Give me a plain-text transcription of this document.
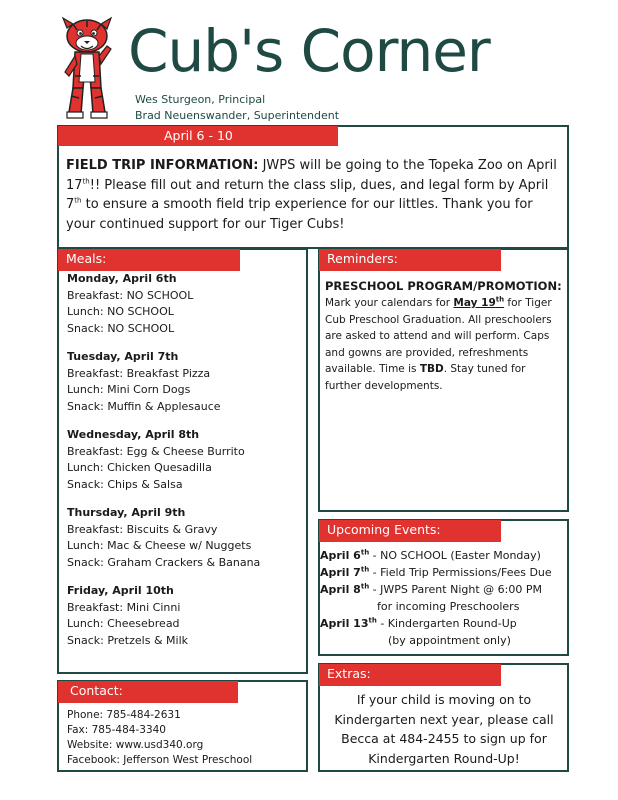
Cub's Corner
Wes Sturgeon, Principal
Brad Neuenswander, Superintendent
April 6 - 10
FIELD TRIP INFORMATION: JWPS will be going to the Topeka Zoo on April 17th!! Please fill out and return the class slip, dues, and legal form by April 7th to ensure a smooth field trip experience for our littles. Thank you for your continued support for our Tiger Cubs!
Meals:
Monday, April 6th
Breakfast: NO SCHOOL
Lunch: NO SCHOOL
Snack: NO SCHOOL
Tuesday, April 7th
Breakfast: Breakfast Pizza
Lunch: Mini Corn Dogs
Snack: Muffin & Applesauce
Wednesday, April 8th
Breakfast: Egg & Cheese Burrito
Lunch: Chicken Quesadilla
Snack: Chips & Salsa
Thursday, April 9th
Breakfast: Biscuits & Gravy
Lunch: Mac & Cheese w/ Nuggets
Snack: Graham Crackers & Banana
Friday, April 10th
Breakfast: Mini Cinni
Lunch: Cheesebread
Snack: Pretzels & Milk
Reminders:
PRESCHOOL PROGRAM/PROMOTION:
Mark your calendars for May 19th for Tiger Cub Preschool Graduation. All preschoolers are asked to attend and will perform. Caps and gowns are provided, refreshments available. Time is TBD. Stay tuned for further developments.
Upcoming Events:
April 6th - NO SCHOOL (Easter Monday)
April 7th - Field Trip Permissions/Fees Due
April 8th - JWPS Parent Night @ 6:00 PM
for incoming Preschoolers
April 13th - Kindergarten Round-Up
(by appointment only)
Contact:
Phone: 785-484-2631
Fax: 785-484-3340
Website: www.usd340.org
Facebook: Jefferson West Preschool
Extras:
If your child is moving on to Kindergarten next year, please call Becca at 484-2455 to sign up for Kindergarten Round-Up!
